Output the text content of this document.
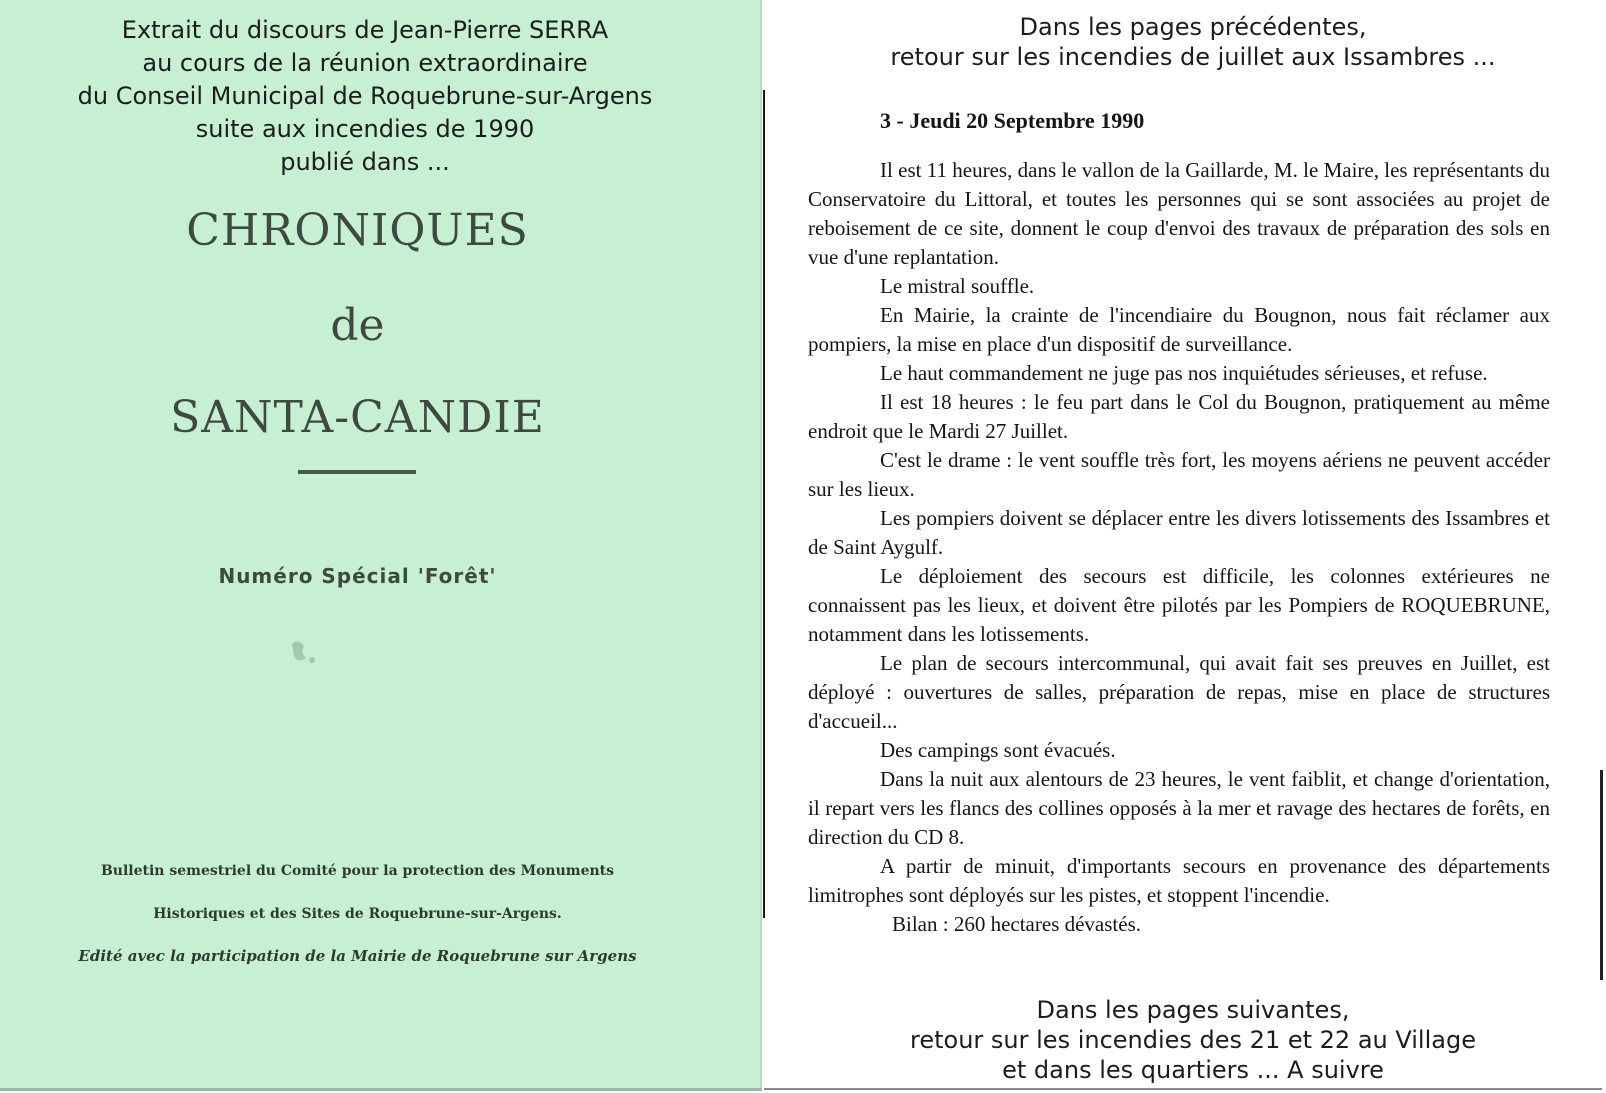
Extrait du discours de Jean-Pierre SERRA
au cours de la réunion extraordinaire
du Conseil Municipal de Roquebrune-sur-Argens
suite aux incendies de 1990
publié dans ...
CHRONIQUES
de
SANTA-CANDIE
Numéro Spécial 'Forêt'
Bulletin semestriel du Comité pour la protection des Monuments
Historiques et des Sites de Roquebrune-sur-Argens.
Edité avec la participation de la Mairie de Roquebrune sur Argens
Dans les pages précédentes,
retour sur les incendies de juillet aux Issambres ...
3 - Jeudi 20 Septembre 1990

Il est 11 heures, dans le vallon de la Gaillarde, M. le Maire, les représentants du Conservatoire du Littoral, et toutes les personnes qui se sont associées au projet de reboisement de ce site, donnent le coup d'envoi des travaux de préparation des sols en vue d'une replantation.

Le mistral souffle.

En Mairie, la crainte de l'incendiaire du Bougnon, nous fait réclamer aux pompiers, la mise en place d'un dispositif de surveillance.

Le haut commandement ne juge pas nos inquiétudes sérieuses, et refuse.

Il est 18 heures : le feu part dans le Col du Bougnon, pratiquement au même endroit que le Mardi 27 Juillet.

C'est le drame : le vent souffle très fort, les moyens aériens ne peuvent accéder sur les lieux.

Les pompiers doivent se déplacer entre les divers lotissements des Issambres et de Saint Aygulf.

Le déploiement des secours est difficile, les colonnes extérieures ne connaissent pas les lieux, et doivent être pilotés par les Pompiers de ROQUEBRUNE, notamment dans les lotissements.

Le plan de secours intercommunal, qui avait fait ses preuves en Juillet, est déployé : ouvertures de salles, préparation de repas, mise en place de structures d'accueil...

Des campings sont évacués.

Dans la nuit aux alentours de 23 heures, le vent faiblit, et change d'orientation, il repart vers les flancs des collines opposés à la mer et ravage des hectares de forêts, en direction du CD 8.

A partir de minuit, d'importants secours en provenance des départements limitrophes sont déployés sur les pistes, et stoppent l'incendie.

Bilan : 260 hectares dévastés.

Dans les pages suivantes,
retour sur les incendies des 21 et 22 au Village
et dans les quartiers ... A suivre
